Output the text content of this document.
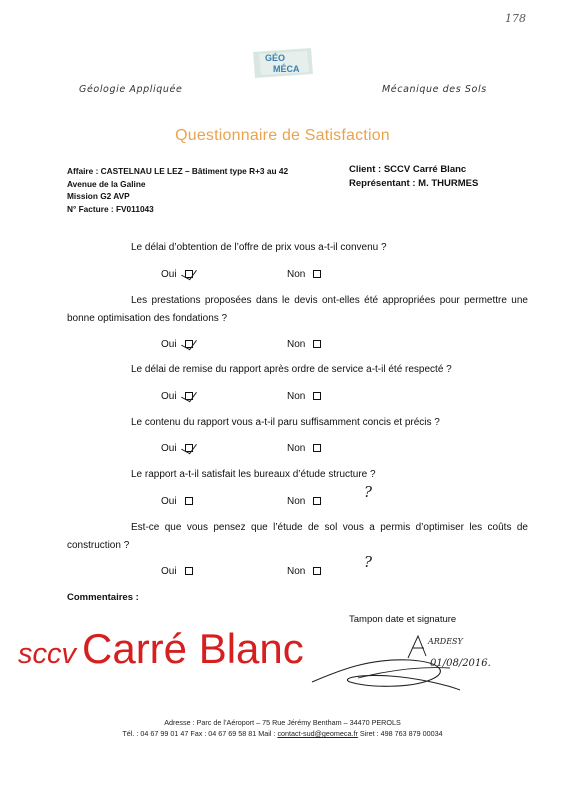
178
GÉO
MÉCA
Géologie Appliquée	Mécanique des Sols
Questionnaire de Satisfaction
Affaire : CASTELNAU LE LEZ – Bâtiment type R+3 au 42
Avenue de la Galine
Mission G2 AVP
N° Facture : FV011043
Client : SCCV Carré Blanc
Représentant : M. THURMES
Le délai d’obtention de l’offre de prix vous a-t-il convenu ?
Oui	Non
Les prestations proposées dans le devis ont-elles été appropriées pour permettre une bonne optimisation des fondations ?
Oui	Non
Le délai de remise du rapport après ordre de service a-t-il été respecté ?
Oui	Non
Le contenu du rapport vous a-t-il paru suffisamment concis et précis ?
Oui	Non
Le rapport a-t-il satisfait les bureaux d’étude structure ?
Oui	Non
?
Est-ce que vous pensez que l’étude de sol vous a permis d’optimiser les coûts de construction ?
Oui	Non
?
Commentaires :
Tampon date et signature
sccv Carré Blanc	ARDESY
01/08/2016.
Adresse : Parc de l’Aéroport – 75 Rue Jérémy Bentham – 34470 PEROLS
Tél. : 04 67 99 01 47 Fax : 04 67 69 58 81 Mail : contact-sud@geomeca.fr Siret : 498 763 879 00034
